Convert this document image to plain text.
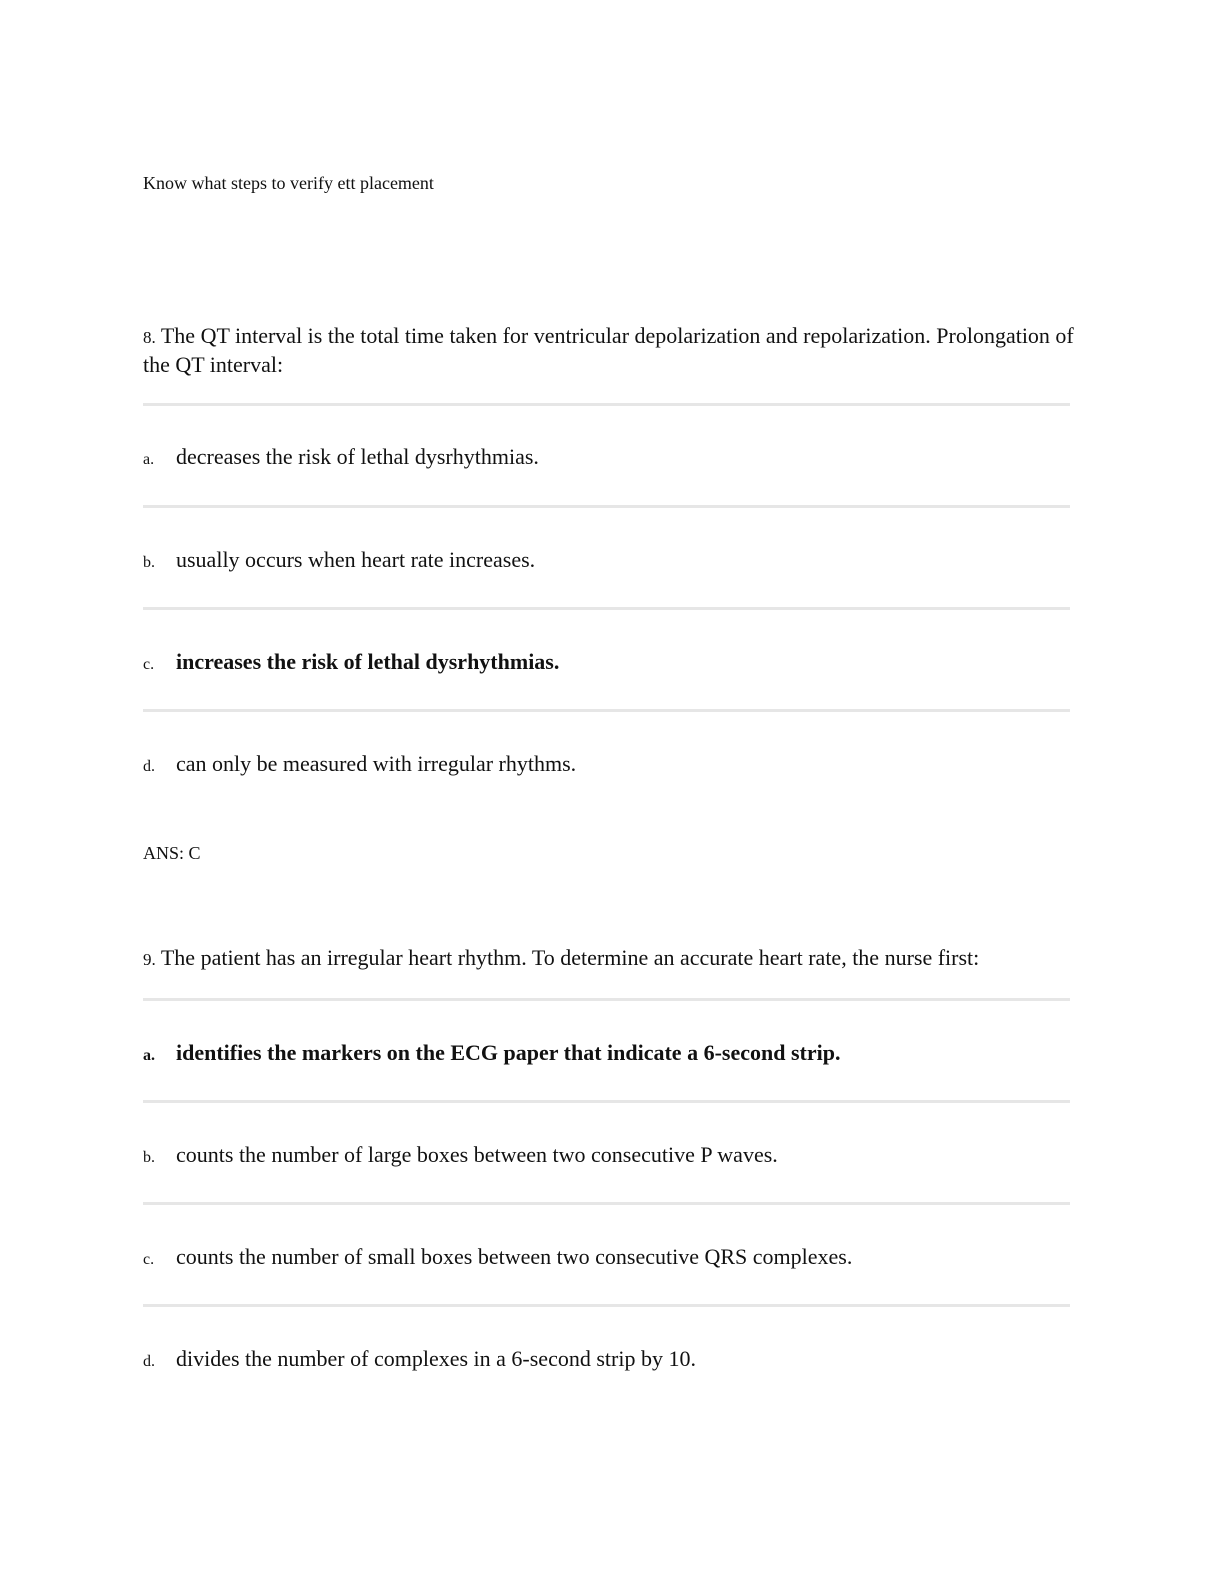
Know what steps to verify ett placement
8. The QT interval is the total time taken for ventricular depolarization and repolarization. Prolongation of the QT interval:
a. decreases the risk of lethal dysrhythmias.
b. usually occurs when heart rate increases.
c. increases the risk of lethal dysrhythmias.
d. can only be measured with irregular rhythms.
ANS: C
9. The patient has an irregular heart rhythm. To determine an accurate heart rate, the nurse first:
a. identifies the markers on the ECG paper that indicate a 6-second strip.
b. counts the number of large boxes between two consecutive P waves.
c. counts the number of small boxes between two consecutive QRS complexes.
d. divides the number of complexes in a 6-second strip by 10.
